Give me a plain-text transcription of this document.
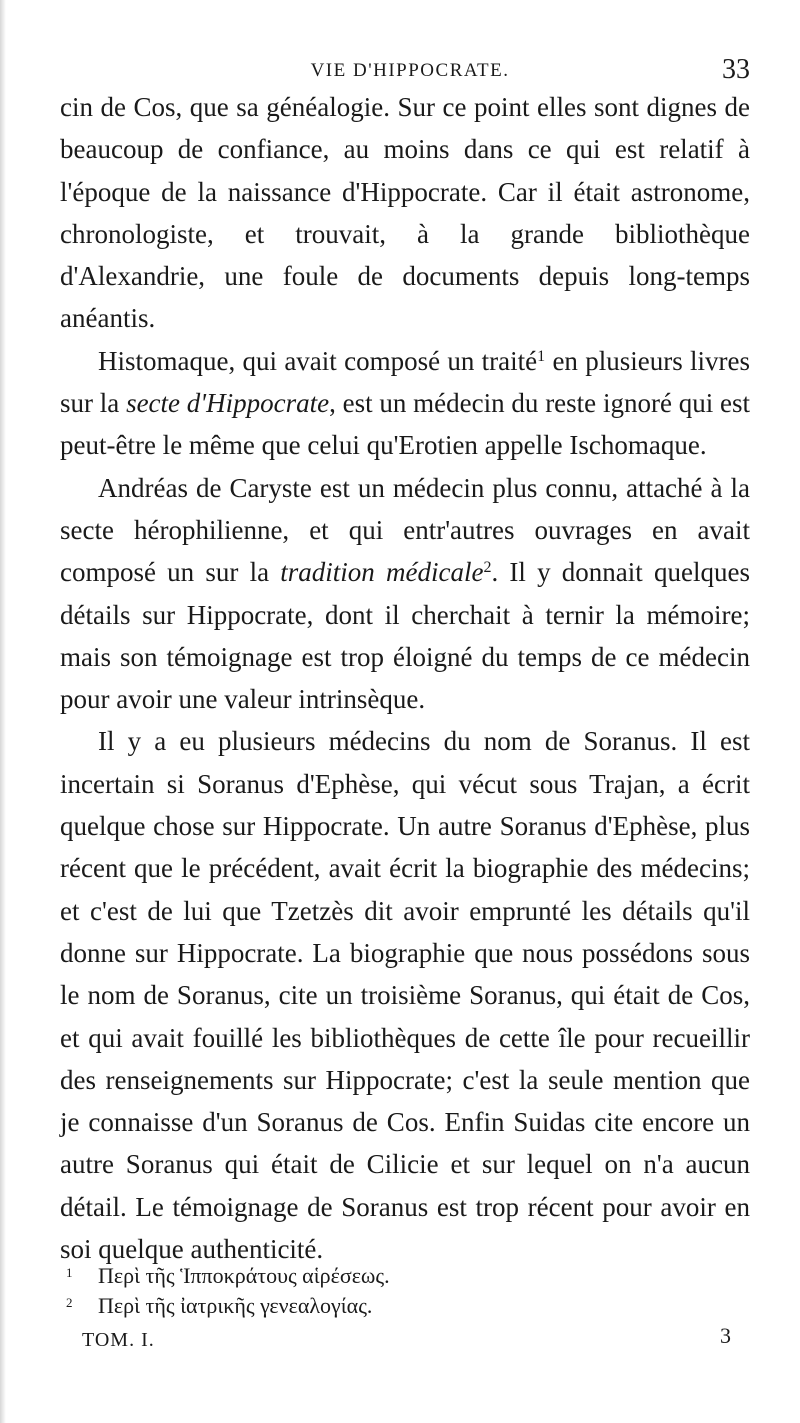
VIE D'HIPPOCRATE.	33

cin de Cos, que sa généalogie. Sur ce point elles sont dignes de beaucoup de confiance, au moins dans ce qui est relatif à l'époque de la naissance d'Hippocrate. Car il était astronome, chronologiste, et trouvait, à la grande bibliothèque d'Alexandrie, une foule de documents depuis long-temps anéantis.

Histomaque, qui avait composé un traité$^1$ en plusieurs livres sur la secte d'Hippocrate, est un médecin du reste ignoré qui est peut-être le même que celui qu'Erotien appelle Ischomaque.

Andréas de Caryste est un médecin plus connu, attaché à la secte hérophilienne, et qui entr'autres ouvrages en avait composé un sur la tradition médicale$^2$. Il y donnait quelques détails sur Hippocrate, dont il cherchait à ternir la mémoire; mais son témoignage est trop éloigné du temps de ce médecin pour avoir une valeur intrinsèque.

Il y a eu plusieurs médecins du nom de Soranus. Il est incertain si Soranus d'Ephèse, qui vécut sous Trajan, a écrit quelque chose sur Hippocrate. Un autre Soranus d'Ephèse, plus récent que le précédent, avait écrit la biographie des médecins; et c'est de lui que Tzetzès dit avoir emprunté les détails qu'il donne sur Hippocrate. La biographie que nous possédons sous le nom de Soranus, cite un troisième Soranus, qui était de Cos, et qui avait fouillé les bibliothèques de cette île pour recueillir des renseignements sur Hippocrate; c'est la seule mention que je connaisse d'un Soranus de Cos. Enfin Suidas cite encore un autre Soranus qui était de Cilicie et sur lequel on n'a aucun détail. Le témoignage de Soranus est trop récent pour avoir en soi quelque authenticité.

1 Περὶ τῆς Ἱπποκράτους αἱρέσεως.

2 Περὶ τῆς ἰατρικῆς γενεαλογίας.

TOM. I.	3
